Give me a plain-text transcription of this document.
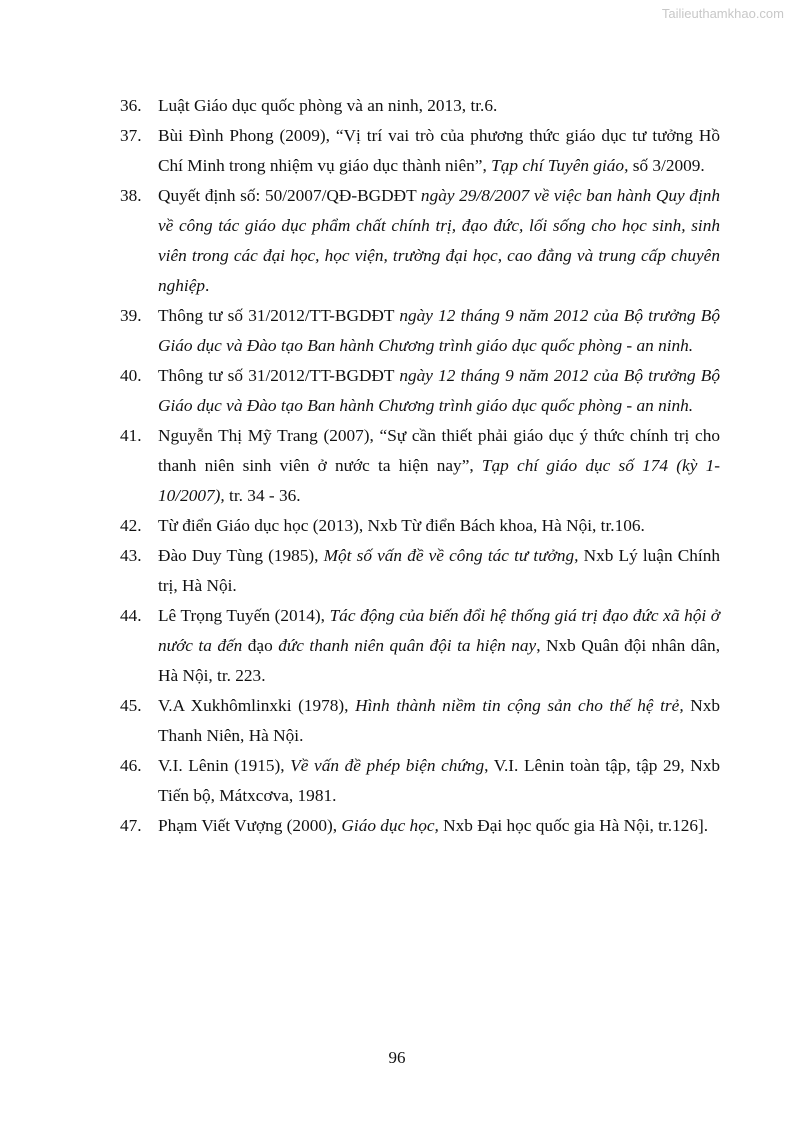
Tailieuthamkhao.com
36. Luật Giáo dục quốc phòng và an ninh, 2013, tr.6.
37. Bùi Đình Phong (2009), “Vị trí vai trò của phương thức giáo dục tư tưởng Hồ Chí Minh trong nhiệm vụ giáo dục thành niên”, Tạp chí Tuyên giáo, số 3/2009.
38. Quyết định số: 50/2007/QĐ-BGDĐT ngày 29/8/2007 về việc ban hành Quy định về công tác giáo dục phẩm chất chính trị, đạo đức, lối sống cho học sinh, sinh viên trong các đại học, học viện, trường đại học, cao đẳng và trung cấp chuyên nghiệp.
39. Thông tư số 31/2012/TT-BGDĐT ngày 12 tháng 9 năm 2012 của Bộ trưởng Bộ Giáo dục và Đào tạo Ban hành Chương trình giáo dục quốc phòng - an ninh.
40. Thông tư số 31/2012/TT-BGDĐT ngày 12 tháng 9 năm 2012 của Bộ trưởng Bộ Giáo dục và Đào tạo Ban hành Chương trình giáo dục quốc phòng - an ninh.
41. Nguyễn Thị Mỹ Trang (2007), “Sự cần thiết phải giáo dục ý thức chính trị cho thanh niên sinh viên ở nước ta hiện nay”, Tạp chí giáo dục số 174 (kỳ 1- 10/2007), tr. 34 - 36.
42. Từ điển Giáo dục học (2013), Nxb Từ điển Bách khoa, Hà Nội, tr.106.
43. Đào Duy Tùng (1985), Một số vấn đề về công tác tư tưởng, Nxb Lý luận Chính trị, Hà Nội.
44. Lê Trọng Tuyến (2014), Tác động của biến đổi hệ thống giá trị đạo đức xã hội ở nước ta đến đạo đức thanh niên quân đội ta hiện nay, Nxb Quân đội nhân dân, Hà Nội, tr. 223.
45. V.A Xukhômlinxki (1978), Hình thành niềm tin cộng sản cho thế hệ trẻ, Nxb Thanh Niên, Hà Nội.
46. V.I. Lênin (1915), Về vấn đề phép biện chứng, V.I. Lênin toàn tập, tập 29, Nxb Tiến bộ, Mátxcơva, 1981.
47. Phạm Viết Vượng (2000), Giáo dục học, Nxb Đại học quốc gia Hà Nội, tr.126].
96
